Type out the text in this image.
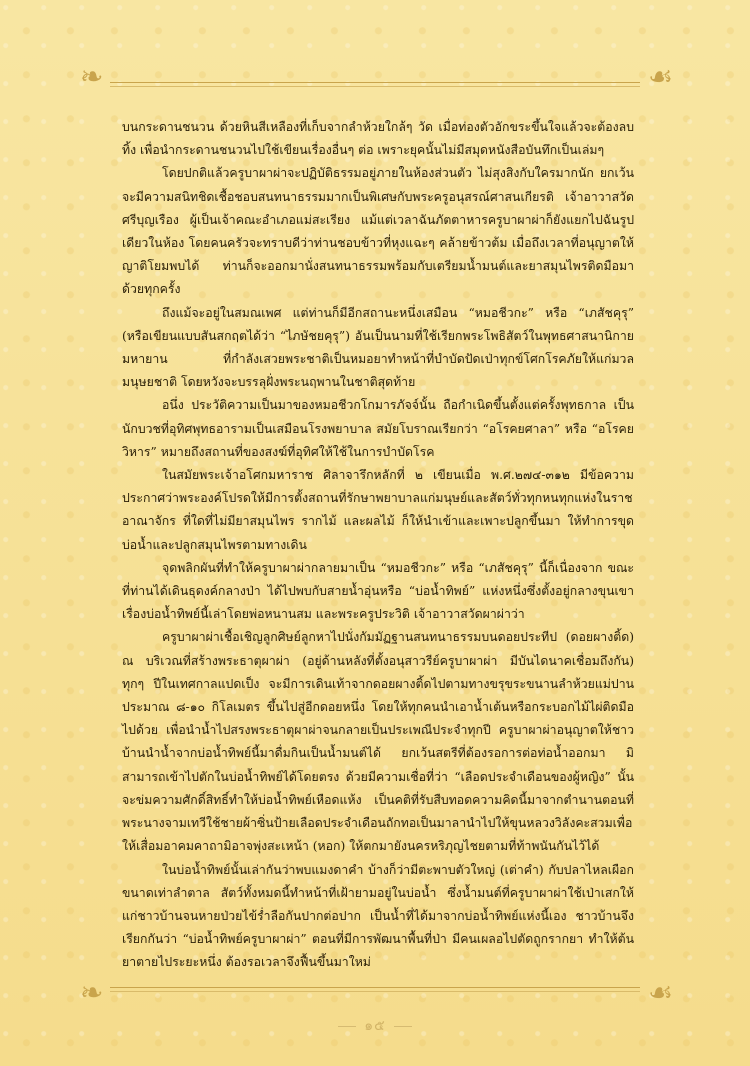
❧	☙
❧	☙

บนกระดานชนวน ด้วยหินสีเหลืองที่เก็บจากลำห้วยใกล้ๆ วัด เมื่อท่องตัวอักขระขึ้นใจแล้วจะต้องลบทิ้ง เพื่อนำกระดานชนวนไปใช้เขียนเรื่องอื่นๆ ต่อ เพราะยุคนั้นไม่มีสมุดหนังสือบันทึกเป็นเล่มๆ

โดยปกติแล้วครูบาผาผ่าจะปฏิบัติธรรมอยู่ภายในห้องส่วนตัว ไม่สุงสิงกับใครมากนัก ยกเว้นจะมีความสนิทชิดเชื้อชอบสนทนาธรรมมากเป็นพิเศษกับพระครูอนุสรณ์ศาสนเกียรติ เจ้าอาวาสวัดศรีบุญเรือง ผู้เป็นเจ้าคณะอำเภอแม่สะเรียง แม้แต่เวลาฉันภัตตาหารครูบาผาผ่าก็ยังแยกไปฉันรูปเดียวในห้อง โดยคนครัวจะทราบดีว่าท่านชอบข้าวที่หุงแฉะๆ คล้ายข้าวต้ม เมื่อถึงเวลาที่อนุญาตให้ญาติโยมพบได้ ท่านก็จะออกมานั่งสนทนาธรรมพร้อมกับเตรียมน้ำมนต์และยาสมุนไพรติดมือมาด้วยทุกครั้ง

ถึงแม้จะอยู่ในสมณเพศ แต่ท่านก็มีอีกสถานะหนึ่งเสมือน “หมอชีวกะ” หรือ “เภสัชคุรุ” (หรือเขียนแบบสันสกฤตได้ว่า “ไภษัชยคุรุ”) อันเป็นนามที่ใช้เรียกพระโพธิสัตว์ในพุทธศาสนานิกายมหายาน ที่กำลังเสวยพระชาติเป็นหมอยาทำหน้าที่บำบัดปัดเป่าทุกข์โศกโรคภัยให้แก่มวลมนุษยชาติ โดยหวังจะบรรลุฝั่งพระนฤพานในชาติสุดท้าย

อนึ่ง ประวัติความเป็นมาของหมอชีวกโกมารภัจจ์นั้น ถือกำเนิดขึ้นตั้งแต่ครั้งพุทธกาล เป็นนักบวชที่อุทิศพุทธอารามเป็นเสมือนโรงพยาบาล สมัยโบราณเรียกว่า “อโรคยศาลา” หรือ “อโรคยวิหาร” หมายถึงสถานที่ของสงฆ์ที่อุทิศให้ใช้ในการบำบัดโรค

ในสมัยพระเจ้าอโศกมหาราช ศิลาจารึกหลักที่ ๒ เขียนเมื่อ พ.ศ.๒๗๔-๓๑๒ มีข้อความประกาศว่าพระองค์โปรดให้มีการตั้งสถานที่รักษาพยาบาลแก่มนุษย์และสัตว์ทั่วทุกหนทุกแห่งในราชอาณาจักร ที่ใดที่ไม่มียาสมุนไพร รากไม้ และผลไม้ ก็ให้นำเข้าและเพาะปลูกขึ้นมา ให้ทำการขุดบ่อน้ำและปลูกสมุนไพรตามทางเดิน

จุดพลิกผันที่ทำให้ครูบาผาผ่ากลายมาเป็น “หมอชีวกะ” หรือ “เภสัชคุรุ” นี้ก็เนื่องจาก ขณะที่ท่านได้เดินธุดงค์กลางป่า ได้ไปพบกับสายน้ำอุ่นหรือ “บ่อน้ำทิพย์” แห่งหนึ่งซึ่งตั้งอยู่กลางขุนเขา เรื่องบ่อน้ำทิพย์นี้เล่าโดยพ่อหนานสม และพระครูประวิติ เจ้าอาวาสวัดผาผ่าว่า

ครูบาผาผ่าเชื้อเชิญลูกศิษย์ลูกหาไปนั่งกัมมัฏฐานสนทนาธรรมบนดอยประทีป (ดอยผางติ้ด) ณ บริเวณที่สร้างพระธาตุผาผ่า (อยู่ด้านหลังที่ตั้งอนุสาวรีย์ครูบาผาผ่า มีบันไดนาคเชื่อมถึงกัน) ทุกๆ ปีในเทศกาลแปดเป็ง จะมีการเดินเท้าจากดอยผางติ้ดไปตามทางขรุขระขนานลำห้วยแม่ปานประมาณ ๘-๑๐ กิโลเมตร ขึ้นไปสู่อีกดอยหนึ่ง โดยให้ทุกคนนำเอาน้ำเต้นหรือกระบอกไม้ไผ่ติดมือไปด้วย เพื่อนำน้ำไปสรงพระธาตุผาผ่าจนกลายเป็นประเพณีประจำทุกปี ครูบาผาผ่าอนุญาตให้ชาวบ้านนำน้ำจากบ่อน้ำทิพย์นี้มาดื่มกินเป็นน้ำมนต์ได้ ยกเว้นสตรีที่ต้องรอการต่อท่อน้ำออกมา มิสามารถเข้าไปตักในบ่อน้ำทิพย์ได้โดยตรง ด้วยมีความเชื่อที่ว่า “เลือดประจำเดือนของผู้หญิง” นั้นจะข่มความศักดิ์สิทธิ์ทำให้บ่อน้ำทิพย์เหือดแห้ง เป็นคติที่รับสืบทอดความคิดนี้มาจากตำนานตอนที่พระนางจามเทวีใช้ชายผ้าซิ่นป้ายเลือดประจำเดือนถักทอเป็นมาลานำไปให้ขุนหลวงวิลังคะสวมเพื่อให้เสื่อมอาคมคาถามิอาจพุ่งสะเหน้า (หอก) ให้ตกมายังนครหริภุญไชยตามที่ท้าพนันกันไว้ได้

ในบ่อน้ำทิพย์นั้นเล่ากันว่าพบแมงดาคำ บ้างก็ว่ามีตะพาบตัวใหญ่ (เต่าคำ) กับปลาไหลเผือกขนาดเท่าลำตาล สัตว์ทั้งหมดนี้ทำหน้าที่เฝ้ายามอยู่ในบ่อน้ำ ซึ่งน้ำมนต์ที่ครูบาผาผ่าใช้เป่าเสกให้แก่ชาวบ้านจนหายป่วยไข้ร่ำลือกันปากต่อปาก เป็นน้ำที่ได้มาจากบ่อน้ำทิพย์แห่งนี้เอง ชาวบ้านจึงเรียกกันว่า “บ่อน้ำทิพย์ครูบาผาผ่า” ตอนที่มีการพัฒนาพื้นที่ป่า มีคนเผลอไปตัดถูกรากยา ทำให้ต้นยาตายไประยะหนึ่ง ต้องรอเวลาจึงฟื้นขึ้นมาใหม่

๑๕
